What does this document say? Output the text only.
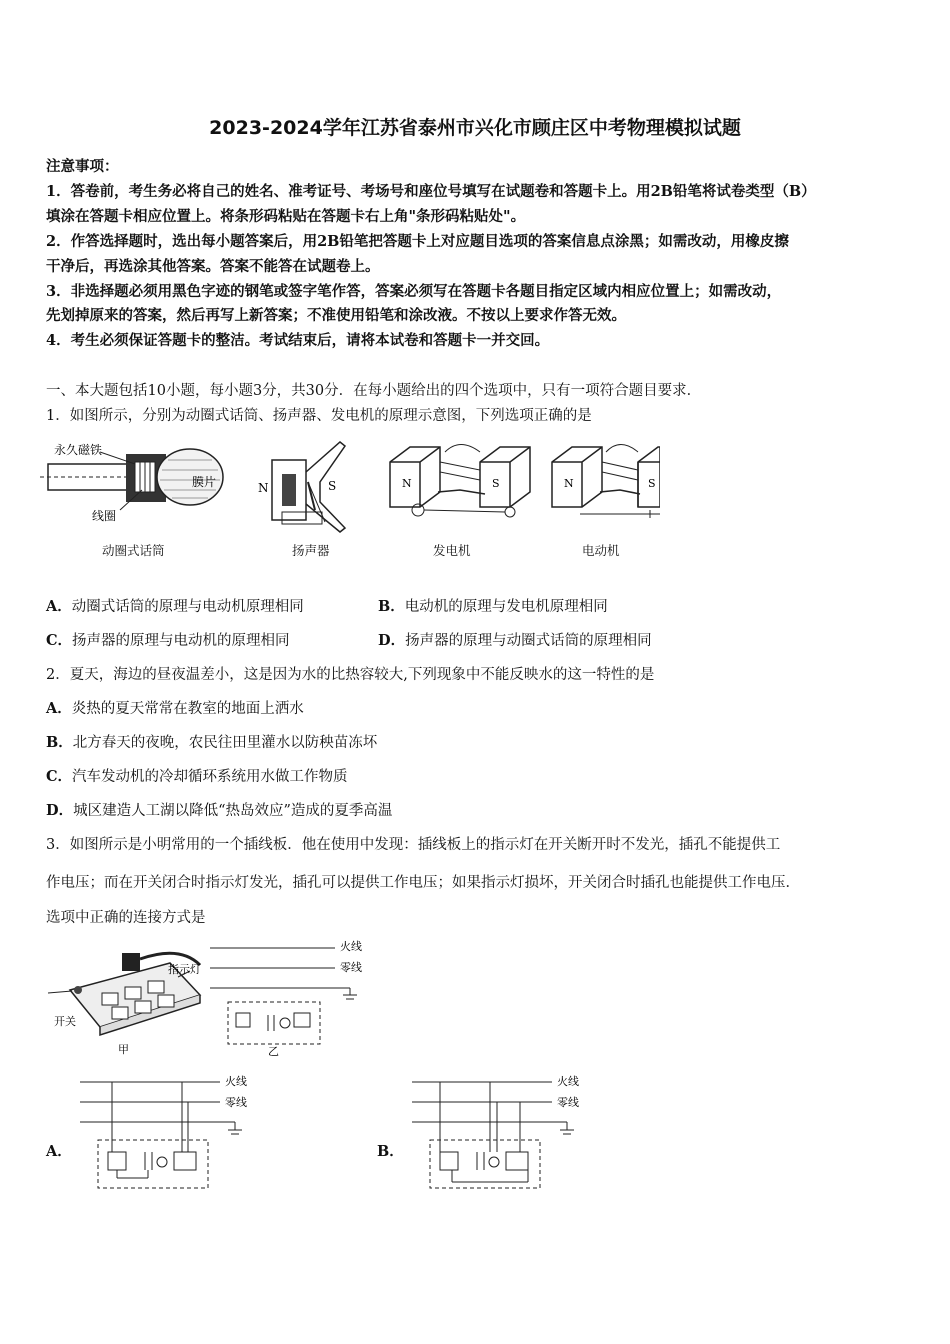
2023-2024学年江苏省泰州市兴化市顾庄区中考物理模拟试题
注意事项：
1．答卷前，考生务必将自己的姓名、准考证号、考场号和座位号填写在试题卷和答题卡上。用2B铅笔将试卷类型（B）
填涂在答题卡相应位置上。将条形码粘贴在答题卡右上角"条形码粘贴处"。
2．作答选择题时，选出每小题答案后，用2B铅笔把答题卡上对应题目选项的答案信息点涂黑；如需改动，用橡皮擦
干净后，再选涂其他答案。答案不能答在试题卷上。
3．非选择题必须用黑色字迹的钢笔或签字笔作答，答案必须写在答题卡各题目指定区域内相应位置上；如需改动，
先划掉原来的答案，然后再写上新答案；不准使用铅笔和涂改液。不按以上要求作答无效。
4．考生必须保证答题卡的整洁。考试结束后，请将本试卷和答题卡一并交回。
一、本大题包括10小题，每小题3分，共30分．在每小题给出的四个选项中，只有一项符合题目要求．
1．如图所示，分别为动圈式话筒、扬声器、发电机的原理示意图，下列选项正确的是
永久磁铁
膜片
线圈
N	S	N	S	N	S
动圈式话筒	扬声器	发电机	电动机
A．动圈式话筒的原理与电动机原理相同	B．电动机的原理与发电机原理相同
C．扬声器的原理与电动机的原理相同	D．扬声器的原理与动圈式话筒的原理相同
2．夏天，海边的昼夜温差小，这是因为水的比热容较大,下列现象中不能反映水的这一特性的是
A．炎热的夏天常常在教室的地面上洒水
B．北方春天的夜晚，农民往田里灌水以防秧苗冻坏
C．汽车发动机的冷却循环系统用水做工作物质
D．城区建造人工湖以降低“热岛效应”造成的夏季高温
3．如图所示是小明常用的一个插线板．他在使用中发现：插线板上的指示灯在开关断开时不发光，插孔不能提供工
作电压；而在开关闭合时指示灯发光，插孔可以提供工作电压；如果指示灯损坏，开关闭合时插孔也能提供工作电压．
选项中正确的连接方式是
指示灯
开关
甲
火线
零线
乙
A．
火线
零线
B．
火线
零线
